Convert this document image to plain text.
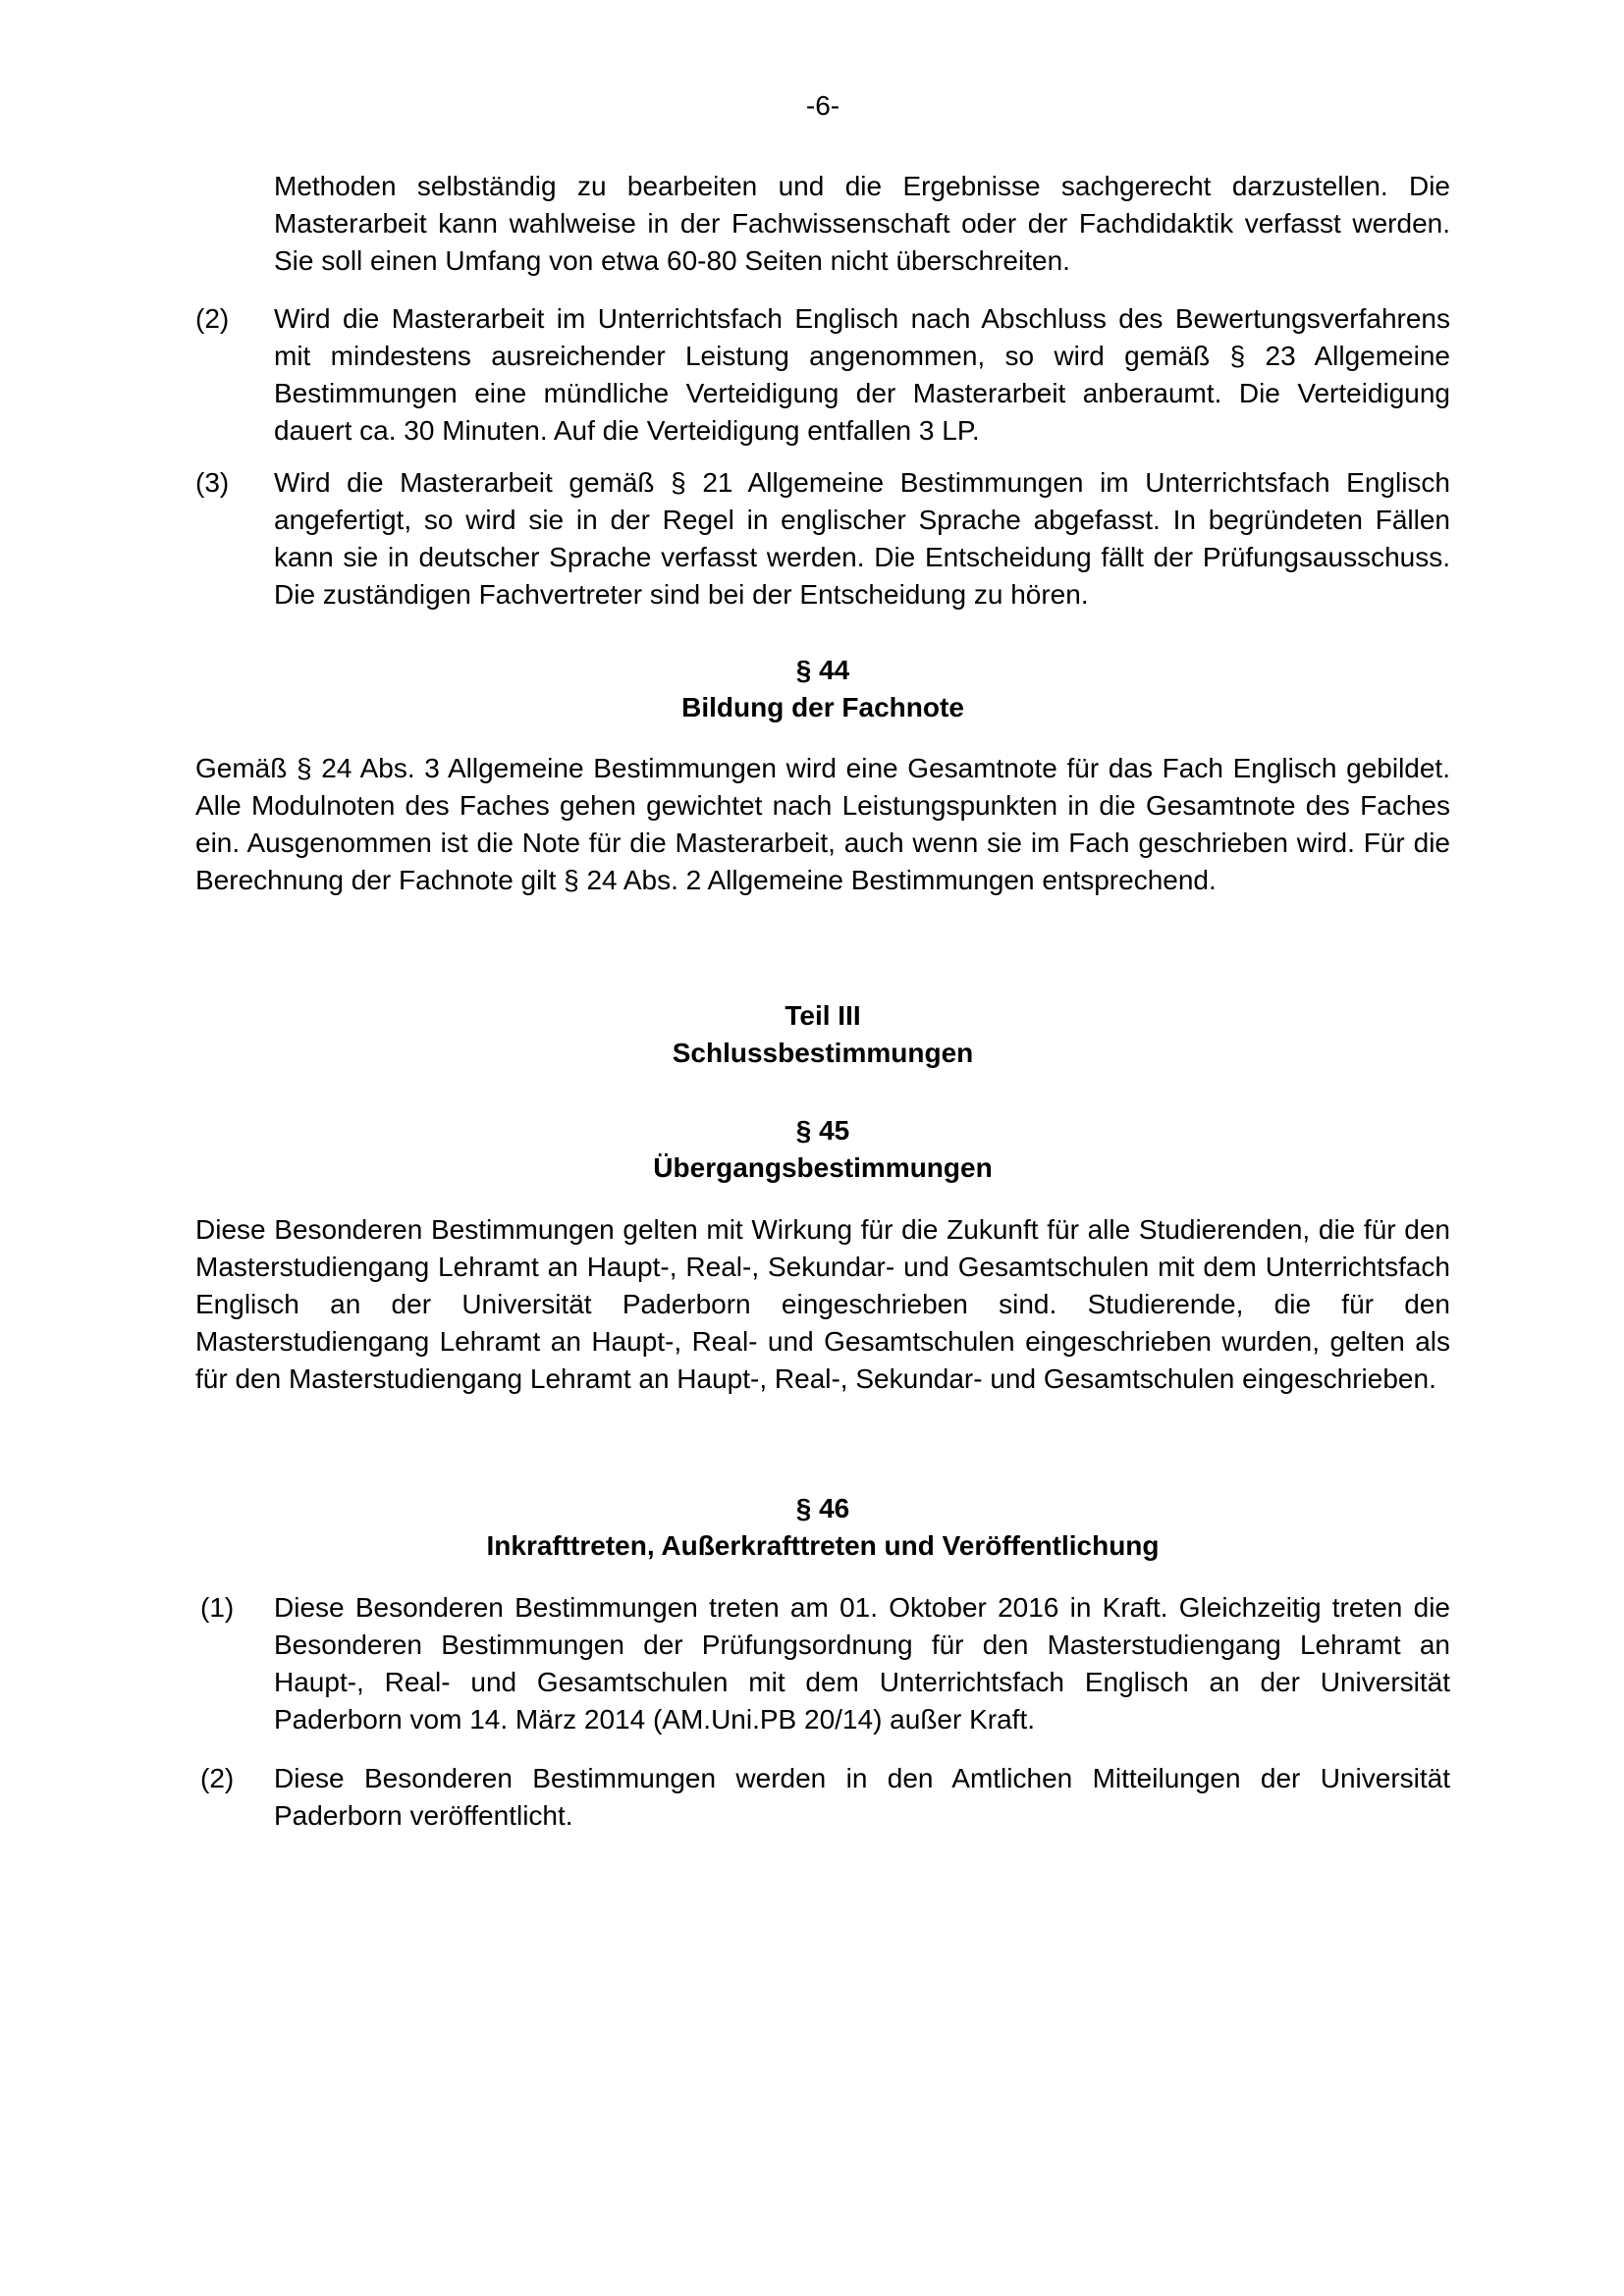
-6-
Methoden selbständig zu bearbeiten und die Ergebnisse sachgerecht darzustellen. Die Masterarbeit kann wahlweise in der Fachwissenschaft oder der Fachdidaktik verfasst werden. Sie soll einen Umfang von etwa 60-80 Seiten nicht überschreiten.
(2) Wird die Masterarbeit im Unterrichtsfach Englisch nach Abschluss des Bewertungsverfahrens mit mindestens ausreichender Leistung angenommen, so wird gemäß § 23 Allgemeine Bestimmungen eine mündliche Verteidigung der Masterarbeit anberaumt. Die Verteidigung dauert ca. 30 Minuten. Auf die Verteidigung entfallen 3 LP.
(3) Wird die Masterarbeit gemäß § 21 Allgemeine Bestimmungen im Unterrichtsfach Englisch angefertigt, so wird sie in der Regel in englischer Sprache abgefasst. In begründeten Fällen kann sie in deutscher Sprache verfasst werden. Die Entscheidung fällt der Prüfungsausschuss. Die zuständigen Fachvertreter sind bei der Entscheidung zu hören.
§ 44
Bildung der Fachnote
Gemäß § 24 Abs. 3 Allgemeine Bestimmungen wird eine Gesamtnote für das Fach Englisch gebildet. Alle Modulnoten des Faches gehen gewichtet nach Leistungspunkten in die Gesamtnote des Faches ein. Ausgenommen ist die Note für die Masterarbeit, auch wenn sie im Fach geschrieben wird. Für die Berechnung der Fachnote gilt § 24 Abs. 2 Allgemeine Bestimmungen entsprechend.
Teil III
Schlussbestimmungen
§ 45
Übergangsbestimmungen
Diese Besonderen Bestimmungen gelten mit Wirkung für die Zukunft für alle Studierenden, die für den Masterstudiengang Lehramt an Haupt-, Real-, Sekundar- und Gesamtschulen mit dem Unterrichtsfach Englisch an der Universität Paderborn eingeschrieben sind. Studierende, die für den Masterstudiengang Lehramt an Haupt-, Real- und Gesamtschulen eingeschrieben wurden, gelten als für den Masterstudiengang Lehramt an Haupt-, Real-, Sekundar- und Gesamtschulen eingeschrieben.
§ 46
Inkrafttreten, Außerkrafttreten und Veröffentlichung
(1) Diese Besonderen Bestimmungen treten am 01. Oktober 2016 in Kraft. Gleichzeitig treten die Besonderen Bestimmungen der Prüfungsordnung für den Masterstudiengang Lehramt an Haupt-, Real- und Gesamtschulen mit dem Unterrichtsfach Englisch an der Universität Paderborn vom 14. März 2014 (AM.Uni.PB 20/14) außer Kraft.
(2) Diese Besonderen Bestimmungen werden in den Amtlichen Mitteilungen der Universität Paderborn veröffentlicht.
